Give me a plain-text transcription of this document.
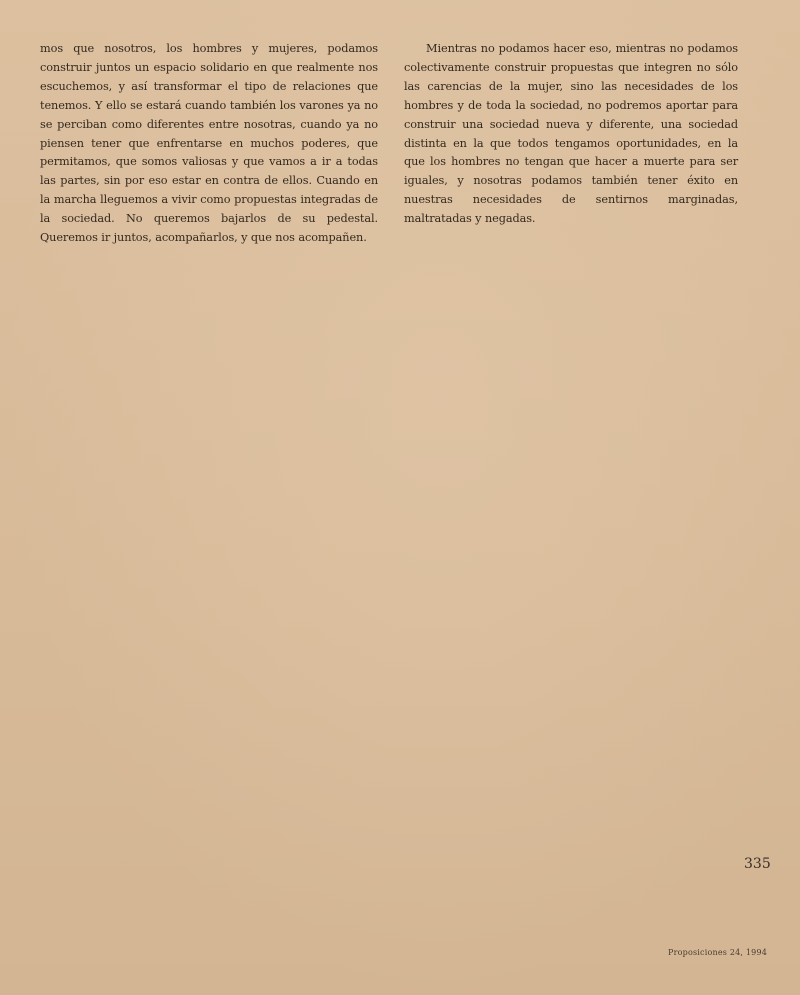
mos que nosotros, los hombres y mujeres, podamos construir juntos un espacio solidario en que realmente nos escuchemos, y así transformar el tipo de relaciones que tenemos. Y ello se estará cuando también los varones ya no se perciban como diferentes entre nosotras, cuando ya no piensen tener que enfrentarse en muchos poderes, que permitamos, que somos valiosas y que vamos a ir a todas las partes, sin por eso estar en contra de ellos. Cuando en la marcha lleguemos a vivir como propuestas integradas de la sociedad. No queremos bajarlos de su pedestal. Queremos ir juntos, acompañarlos, y que nos acompañen.

Mientras no podamos hacer eso, mientras no podamos colectivamente construir propuestas que integren no sólo las carencias de la mujer, sino las necesidades de los hombres y de toda la sociedad, no podremos aportar para construir una sociedad nueva y diferente, una sociedad distinta en la que todos tengamos oportunidades, en la que los hombres no tengan que hacer a muerte para ser iguales, y nosotras podamos también tener éxito en nuestras necesidades de sentirnos marginadas, maltratadas y negadas.

335
Proposiciones 24, 1994
